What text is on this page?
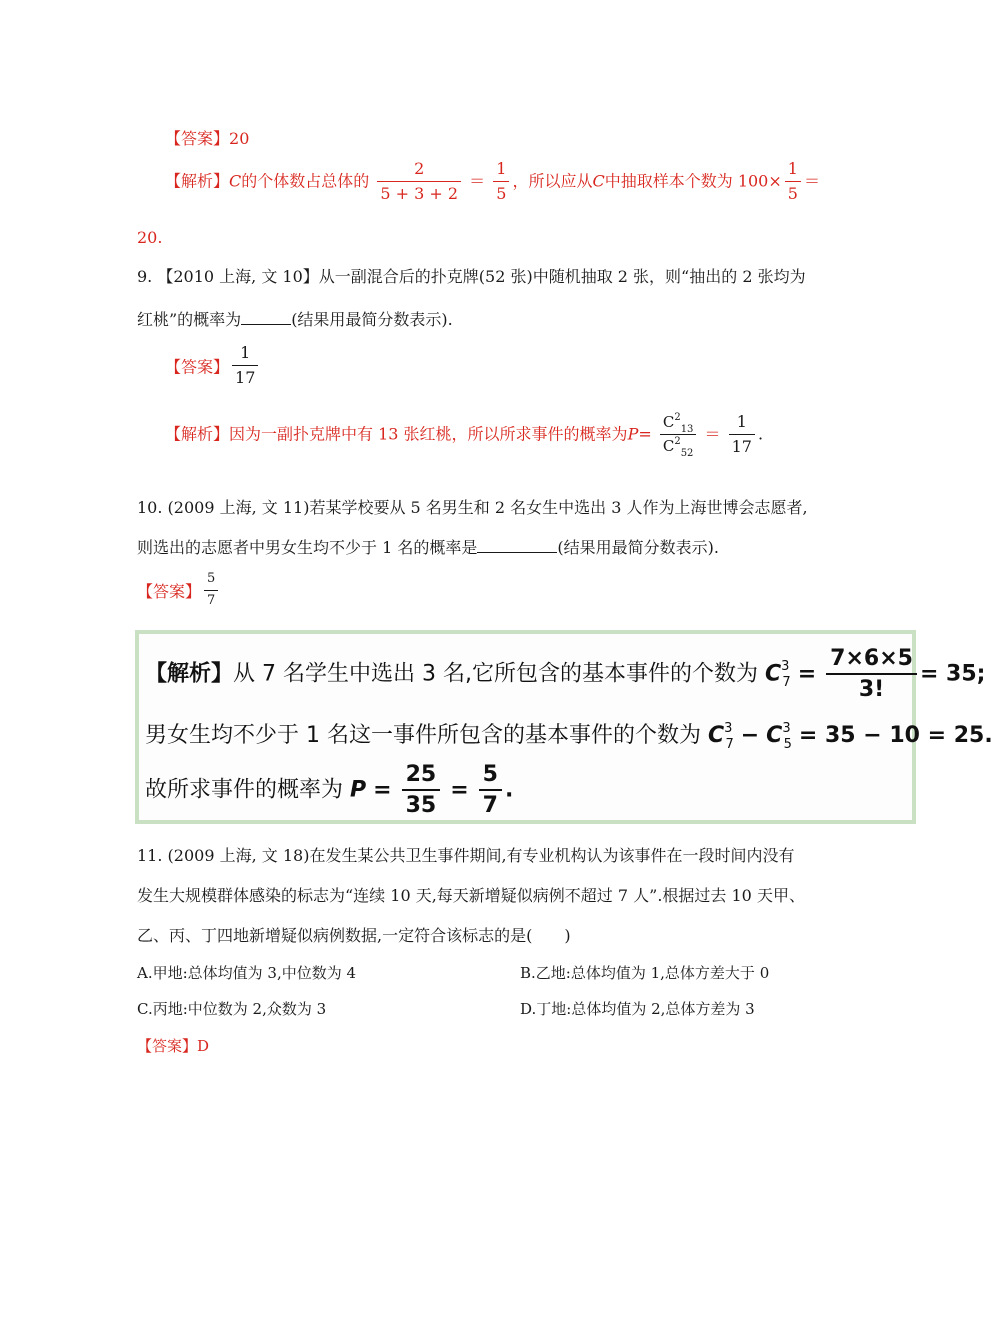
【答案】20
【解析】C的个体数占总体的 $\frac{2}{5 + 3 + 2} = \frac{1}{5}$ ，所以应从C中抽取样本个数为 $100\times \frac{1}{5}$ ＝
20.
9. 【2010 上海, 文 10】从一副混合后的扑克牌(52 张)中随机抽取 2 张，则“抽出的 2 张均为
红桃”的概率为	(结果用最简分数表示).
【答案】 $\frac{1}{17}$
【解析】因为一副扑克牌中有 13 张红桃，所以所求事件的概率为$P= \frac{C^2_{13}}{C^2_{52}} = \frac{1}{17}$ .
10. (2009 上海, 文 11)若某学校要从 5 名男生和 2 名女生中选出 3 人作为上海世博会志愿者,
则选出的志愿者中男女生均不少于 1 名的概率是	(结果用最简分数表示).
【答案】 $\frac{5}{7}$
【解析】从 7 名学生中选出 3 名,它所包含的基本事件的个数为 $C^3_7 = \frac{7\times 6\times 5}{3!} = 35$;
男女生均不少于 1 名这一事件所包含的基本事件的个数为 $C^3_7 - C^3_5 = 35 - 10 = 25$.
故所求事件的概率为 $P = \frac{25}{35} = \frac{5}{7}$ .
11. (2009 上海, 文 18)在发生某公共卫生事件期间,有专业机构认为该事件在一段时间内没有
发生大规模群体感染的标志为“连续 10 天,每天新增疑似病例不超过 7 人”.根据过去 10 天甲、
乙、丙、丁四地新增疑似病例数据,一定符合该标志的是(　　)
A.甲地:总体均值为 3,中位数为 4	B.乙地:总体均值为 1,总体方差大于 0
C.丙地:中位数为 2,众数为 3	D.丁地:总体均值为 2,总体方差为 3
【答案】D
